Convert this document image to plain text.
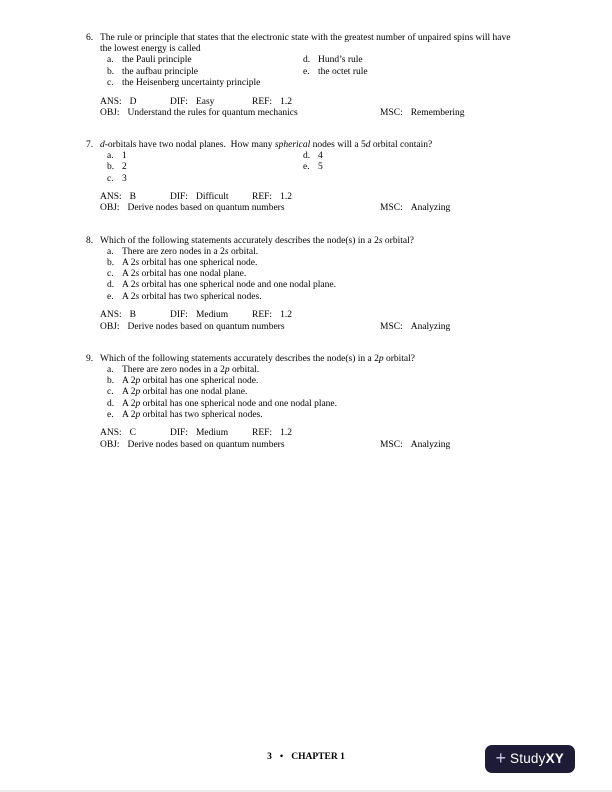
6. The rule or principle that states that the electronic state with the greatest number of unpaired spins will have the lowest energy is called

a. the Pauli principle	d. Hund’s rule
b. the aufbau principle	e. the octet rule
c. the Heisenberg uncertainty principle
ANS: D	DIF: Easy	REF: 1.2
OBJ: Understand the rules for quantum mechanics	MSC: Remembering
7. d-orbitals have two nodal planes.  How many spherical nodes will a 5d orbital contain?

a. 1	d. 4
b. 2	e. 5
c. 3
ANS: B	DIF: Difficult REF: 1.2
OBJ: Derive nodes based on quantum numbers	MSC: Analyzing
8. Which of the following statements accurately describes the node(s) in a 2s orbital?

a. There are zero nodes in a 2s orbital.
b. A 2s orbital has one spherical node.
c. A 2s orbital has one nodal plane.
d. A 2s orbital has one spherical node and one nodal plane.
e. A 2s orbital has two spherical nodes.
ANS: B	DIF: Medium	REF: 1.2
OBJ: Derive nodes based on quantum numbers	MSC: Analyzing
9. Which of the following statements accurately describes the node(s) in a 2p orbital?

a. There are zero nodes in a 2p orbital.
b. A 2p orbital has one spherical node.
c. A 2p orbital has one nodal plane.
d. A 2p orbital has one spherical node and one nodal plane.
e. A 2p orbital has two spherical nodes.
ANS: C	DIF: Medium	REF: 1.2
OBJ: Derive nodes based on quantum numbers	MSC: Analyzing
3 • CHAPTER 1	+ Study XY
